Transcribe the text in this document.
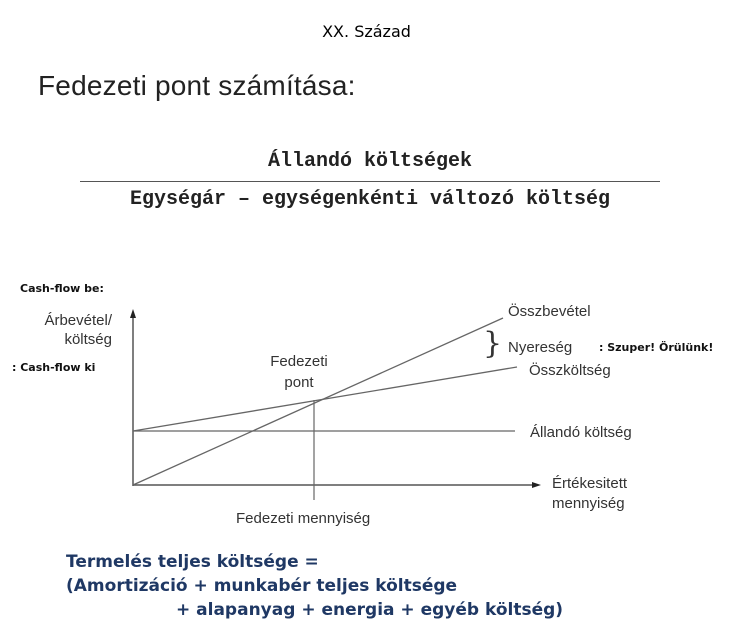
XX. Század
Fedezeti pont számítása:
Állandó költségek
Egységár – egységenkénti változó költség
Cash-flow be:
Árbevétel/
költség
: Cash-flow ki	Fedezeti
pont
Összbevétel
} Nyereség : Szuper! Örülünk!
Összköltség
Állandó költség
Értékesitett
mennyiség
Fedezeti mennyiség
Termelés teljes költsége =
(Amortizáció + munkabér teljes költsége
+ alapanyag + energia + egyéb költség)
